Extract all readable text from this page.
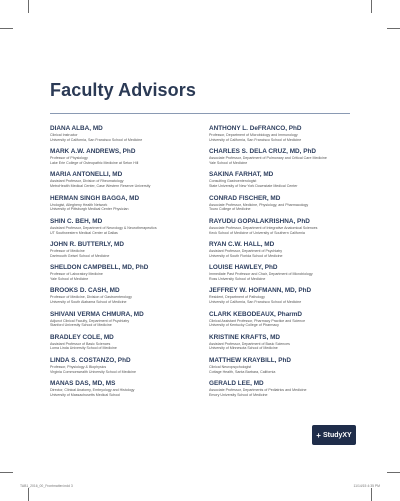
Faculty Advisors
DIANA ALBA, MD
Clinical Instructor
University of California, San Francisco School of Medicine
MARK A.W. ANDREWS, PhD
Professor of Physiology
Lake Erie College of Osteopathic Medicine at Seton Hill
MARIA ANTONELLI, MD
Assistant Professor, Division of Rheumatology
MetroHealth Medical Center, Case Western Reserve University
HERMAN SINGH BAGGA, MD
Urologist, Allegheny Health Network
University of Pittsburgh Medical Center Physician
SHIN C. BEH, MD
Assistant Professor, Department of Neurology & Neurotherapeutics
UT Southwestern Medical Center at Dallas
JOHN R. BUTTERLY, MD
Professor of Medicine
Dartmouth Geisel School of Medicine
SHELDON CAMPBELL, MD, PhD
Professor of Laboratory Medicine
Yale School of Medicine
BROOKS D. CASH, MD
Professor of Medicine, Division of Gastroenterology
University of South Alabama School of Medicine
SHIVANI VERMA CHMURA, MD
Adjunct Clinical Faculty, Department of Psychiatry
Stanford University School of Medicine
BRADLEY COLE, MD
Assistant Professor of Basic Sciences
Loma Linda University School of Medicine
LINDA S. COSTANZO, PhD
Professor, Physiology & Biophysics
Virginia Commonwealth University School of Medicine
MANAS DAS, MD, MS
Director, Clinical Anatomy, Embryology and Histology
University of Massachusetts Medical School
ANTHONY L. DeFRANCO, PhD
Professor, Department of Microbiology and Immunology
University of California, San Francisco School of Medicine
CHARLES S. DELA CRUZ, MD, PhD
Associate Professor, Department of Pulmonary and Critical Care Medicine
Yale School of Medicine
SAKINA FARHAT, MD
Consulting Gastroenterologist
State University of New York Downstate Medical Center
CONRAD FISCHER, MD
Associate Professor, Medicine, Physiology, and Pharmacology
Touro College of Medicine
RAYUDU GOPALAKRISHNA, PhD
Associate Professor, Department of Integrative Anatomical Sciences
Keck School of Medicine of University of Southern California
RYAN C.W. HALL, MD
Assistant Professor, Department of Psychiatry
University of South Florida School of Medicine
LOUISE HAWLEY, PhD
Immediate Past Professor and Chair, Department of Microbiology
Ross University School of Medicine
JEFFREY W. HOFMANN, MD, PhD
Resident, Department of Pathology
University of California, San Francisco School of Medicine
CLARK KEBODEAUX, PharmD
Clinical Assistant Professor, Pharmacy Practice and Science
University of Kentucky College of Pharmacy
KRISTINE KRAFTS, MD
Assistant Professor, Department of Basic Sciences
University of Minnesota School of Medicine
MATTHEW KRAYBILL, PhD
Clinical Neuropsychologist
Cottage Health, Santa Barbara, California
GERALD LEE, MD
Associate Professor, Departments of Pediatrics and Medicine
Emory University School of Medicine
+ StudyXY
TAB1_2016_00_Frontmatter.indd 3	11/14/15 4:35 PM
